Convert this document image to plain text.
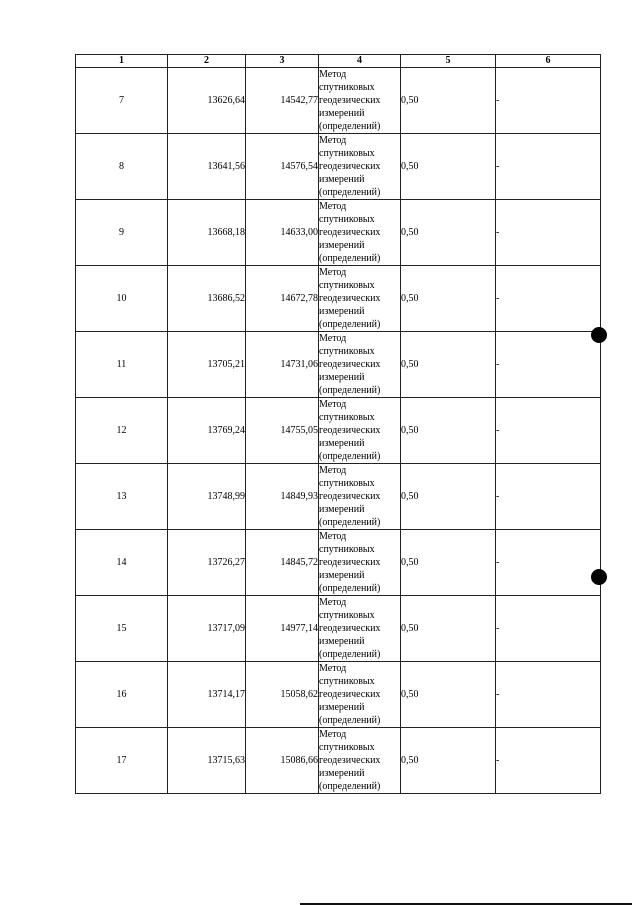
1	2	3	4	5	6
7	13626,64	14542,77	Метод спутниковых геодезических измерений (определений)	0,50	-
8	13641,56	14576,54	Метод спутниковых геодезических измерений (определений)	0,50	-
9	13668,18	14633,00	Метод спутниковых геодезических измерений (определений)	0,50	-
10	13686,52	14672,78	Метод спутниковых геодезических измерений (определений)	0,50	-
11	13705,21	14731,06	Метод спутниковых геодезических измерений (определений)	0,50	-
12	13769,24	14755,05	Метод спутниковых геодезических измерений (определений)	0,50	-
13	13748,99	14849,93	Метод спутниковых геодезических измерений (определений)	0,50	-
14	13726,27	14845,72	Метод спутниковых геодезических измерений (определений)	0,50	-
15	13717,09	14977,14	Метод спутниковых геодезических измерений (определений)	0,50	-
16	13714,17	15058,62	Метод спутниковых геодезических измерений (определений)	0,50	-
17	13715,63	15086,66	Метод спутниковых геодезических измерений (определений)	0,50	-
